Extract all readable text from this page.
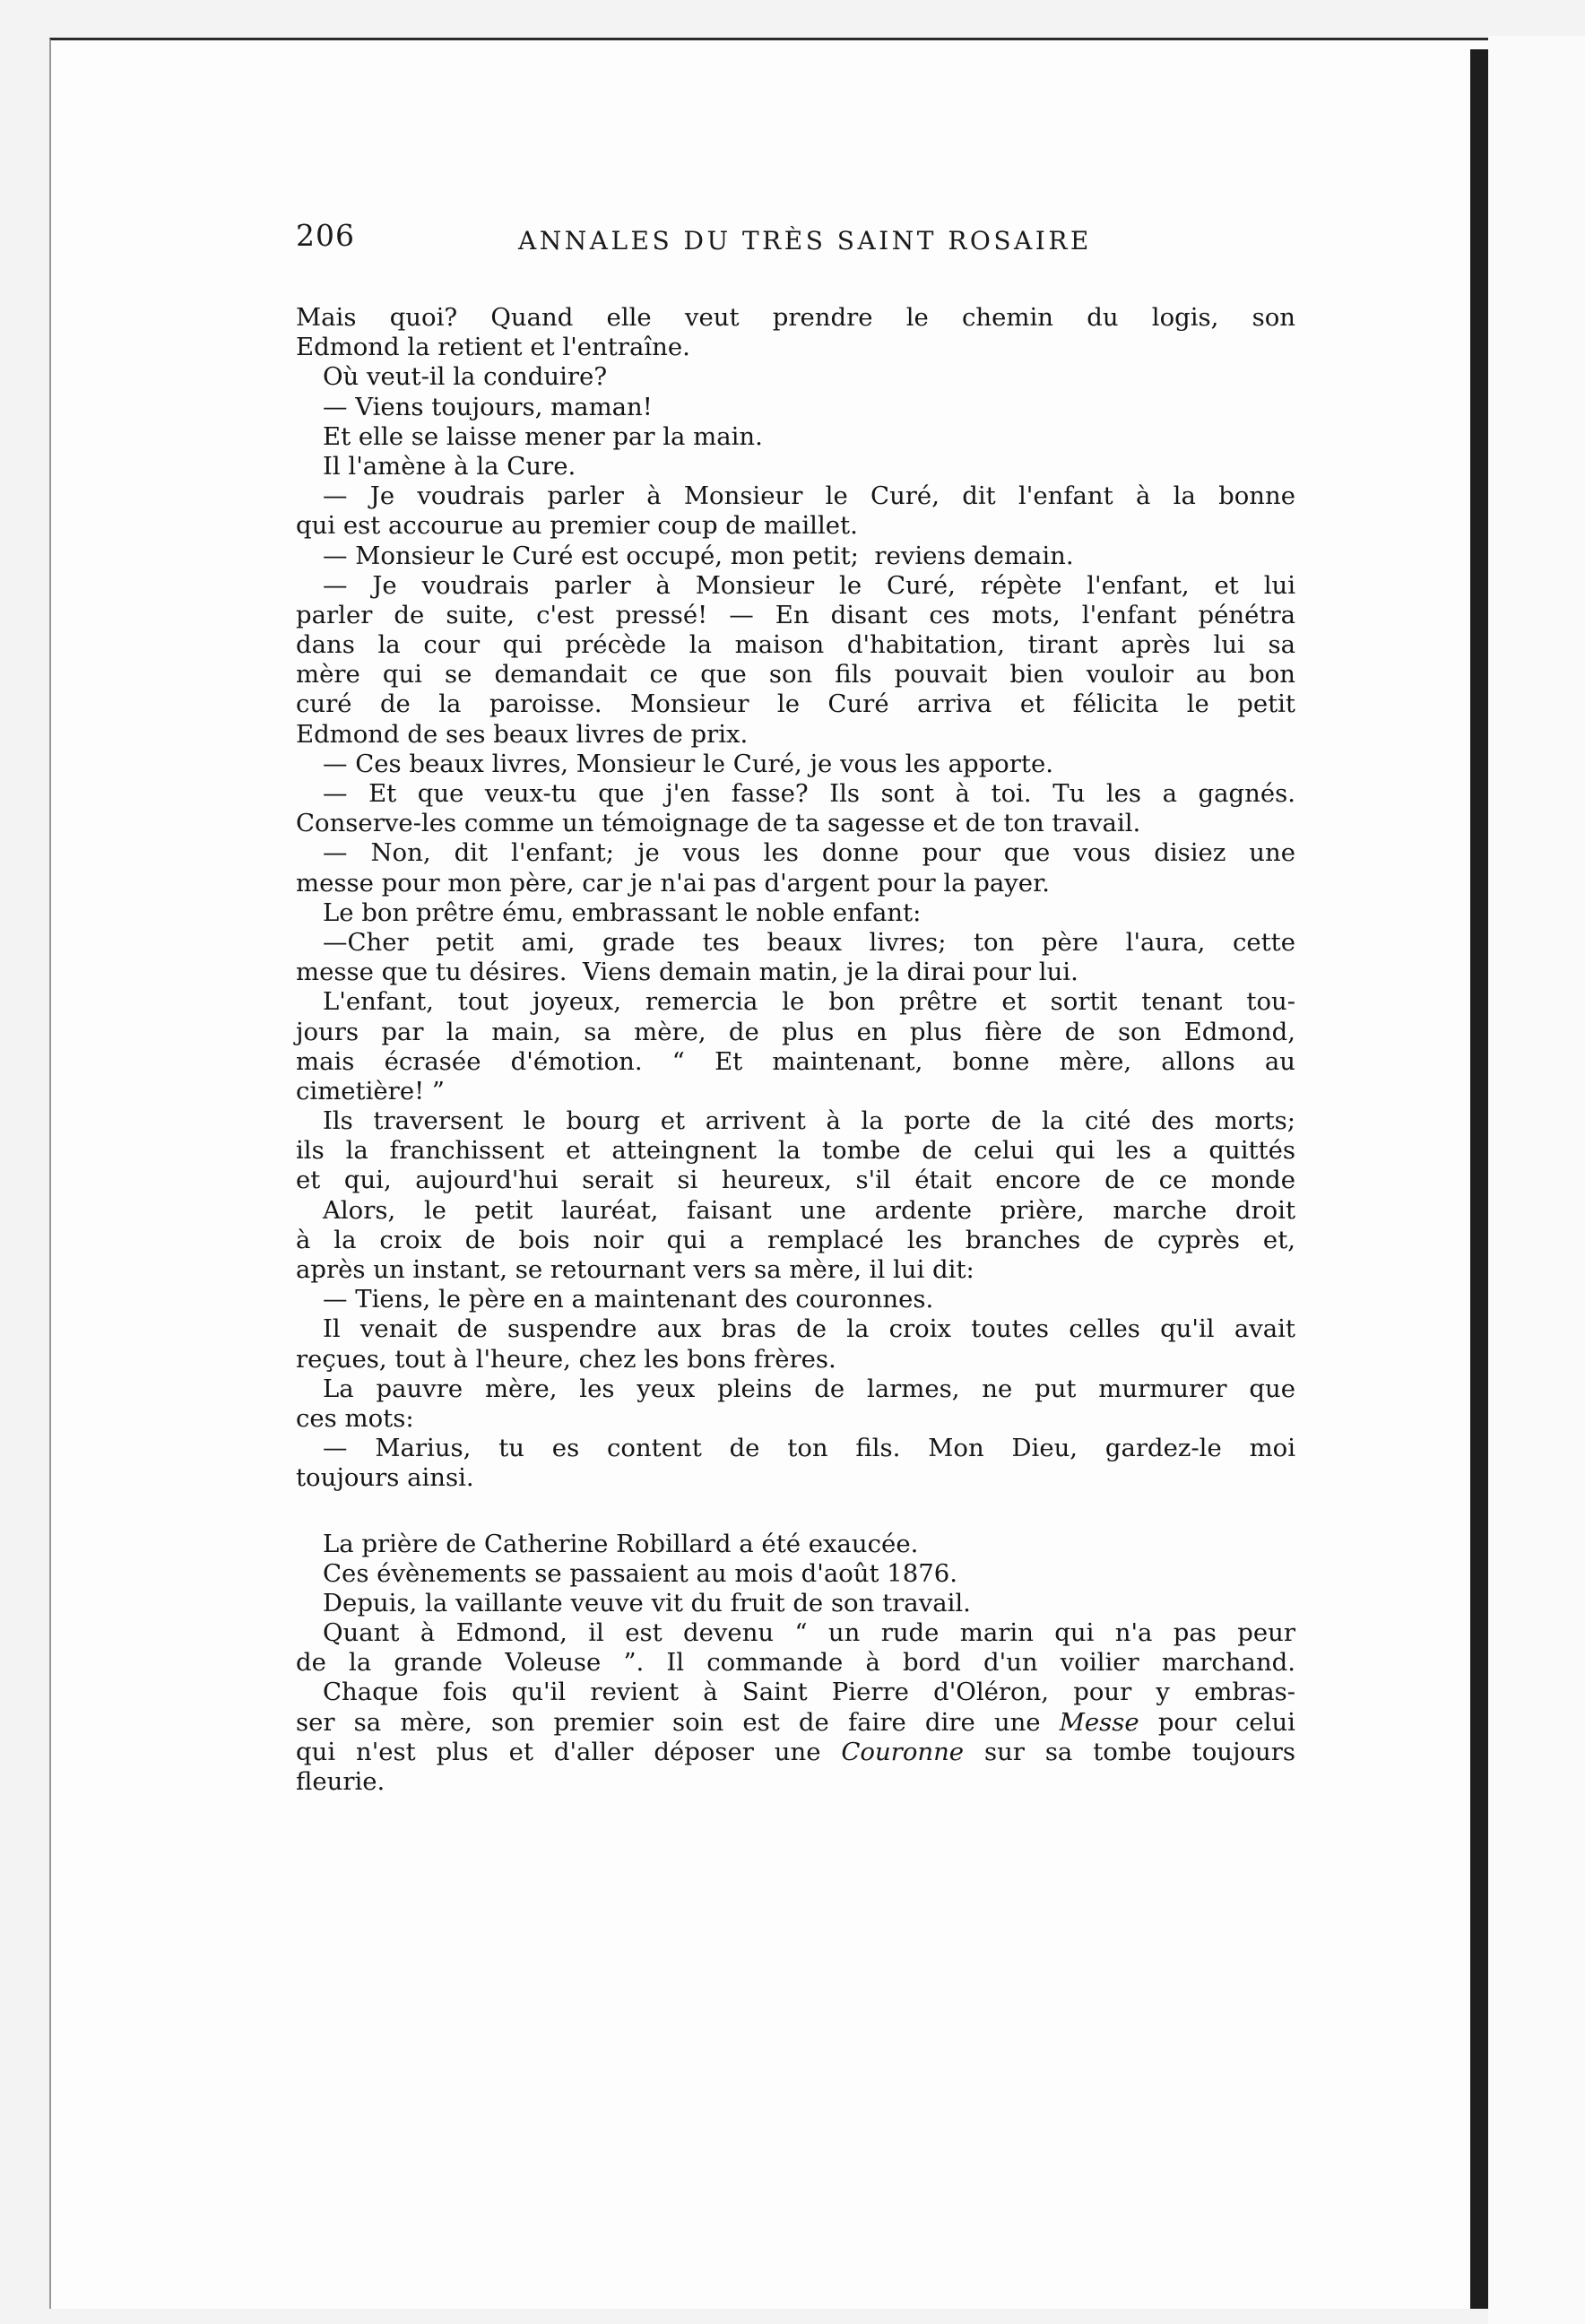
206	ANNALES DU TRÈS SAINT ROSAIRE
Mais quoi? Quand elle veut prendre le chemin du logis, son
Edmond la retient et l'entraîne.
Où veut-il la conduire?
— Viens toujours, maman!
Et elle se laisse mener par la main.
Il l'amène à la Cure.
— Je voudrais parler à Monsieur le Curé, dit l'enfant à la bonne
qui est accourue au premier coup de maillet.
— Monsieur le Curé est occupé, mon petit;  reviens demain.
— Je voudrais parler à Monsieur le Curé, répète l'enfant, et lui
parler de suite, c'est pressé! — En disant ces mots, l'enfant pénétra
dans la cour qui précède la maison d'habitation, tirant après lui sa
mère qui se demandait ce que son fils pouvait bien vouloir au bon
curé de la paroisse. Monsieur le Curé arriva et félicita le petit
Edmond de ses beaux livres de prix.
— Ces beaux livres, Monsieur le Curé, je vous les apporte.
— Et que veux-tu que j'en fasse? Ils sont à toi. Tu les a gagnés.
Conserve-les comme un témoignage de ta sagesse et de ton travail.
— Non, dit l'enfant; je vous les donne pour que vous disiez une
messe pour mon père, car je n'ai pas d'argent pour la payer.
Le bon prêtre ému, embrassant le noble enfant:
—Cher petit ami, grade tes beaux livres; ton père l'aura, cette
messe que tu désires.  Viens demain matin, je la dirai pour lui.
L'enfant, tout joyeux, remercia le bon prêtre et sortit tenant tou-
jours par la main, sa mère, de plus en plus fière de son Edmond,
mais écrasée d'émotion. “ Et maintenant, bonne mère, allons au
cimetière! ”
Ils traversent le bourg et arrivent à la porte de la cité des morts;
ils la franchissent et atteingnent la tombe de celui qui les a quittés
et qui, aujourd'hui serait si heureux, s'il était encore de ce monde
Alors, le petit lauréat, faisant une ardente prière, marche droit
à la croix de bois noir qui a remplacé les branches de cyprès et,
après un instant, se retournant vers sa mère, il lui dit:
— Tiens, le père en a maintenant des couronnes.
Il venait de suspendre aux bras de la croix toutes celles qu'il avait
reçues, tout à l'heure, chez les bons frères.
La pauvre mère, les yeux pleins de larmes, ne put murmurer que
ces mots:
— Marius, tu es content de ton fils. Mon Dieu, gardez-le moi
toujours ainsi.
La prière de Catherine Robillard a été exaucée.
Ces évènements se passaient au mois d'août 1876.
Depuis, la vaillante veuve vit du fruit de son travail.
Quant à Edmond, il est devenu “ un rude marin qui n'a pas peur
de la grande Voleuse ”. Il commande à bord d'un voilier marchand.
Chaque fois qu'il revient à Saint Pierre d'Oléron, pour y embras-
ser sa mère, son premier soin est de faire dire une Messe pour celui
qui n'est plus et d'aller déposer une Couronne sur sa tombe toujours
fleurie.
